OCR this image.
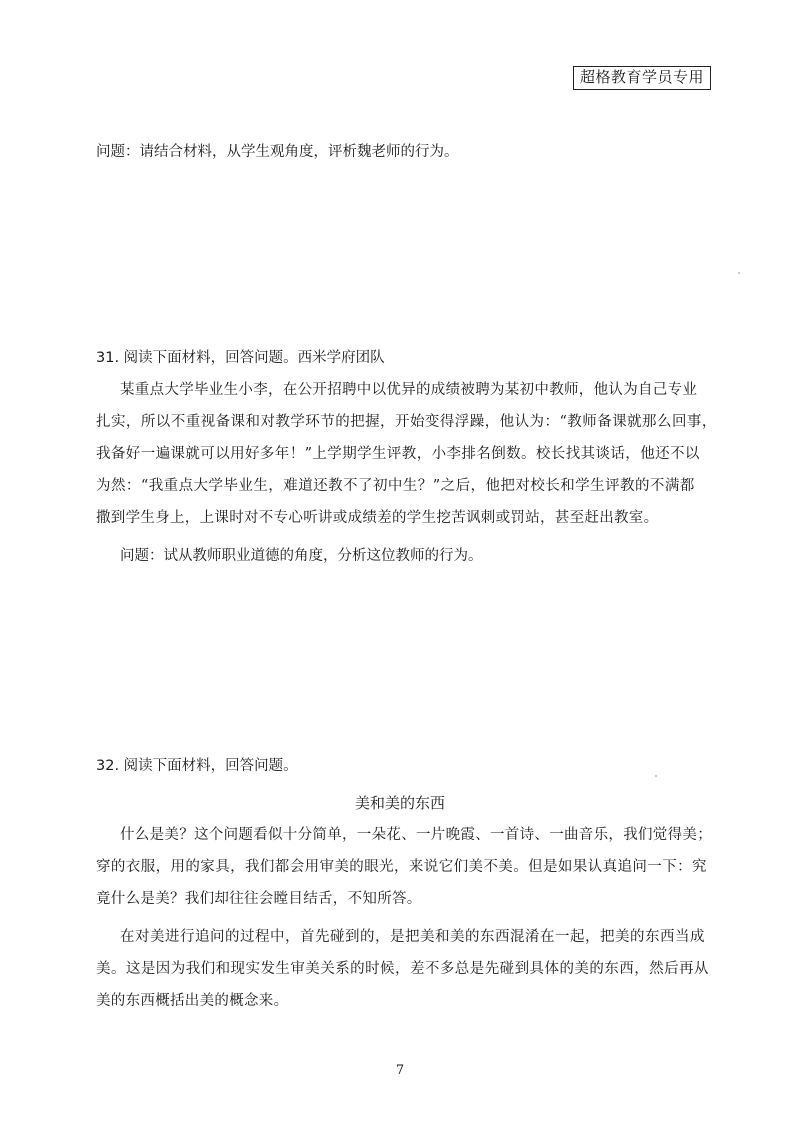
超格教育学员专用
问题：请结合材料，从学生观角度，评析魏老师的行为。
31. 阅读下面材料，回答问题。西米学府团队
某重点大学毕业生小李，在公开招聘中以优异的成绩被聘为某初中教师，他认为自己专业
扎实，所以不重视备课和对教学环节的把握，开始变得浮躁，他认为：“教师备课就那么回事，
我备好一遍课就可以用好多年！”上学期学生评教，小李排名倒数。校长找其谈话，他还不以
为然：“我重点大学毕业生，难道还教不了初中生？”之后，他把对校长和学生评教的不满都
撒到学生身上，上课时对不专心听讲或成绩差的学生挖苦讽刺或罚站，甚至赶出教室。
问题：试从教师职业道德的角度，分析这位教师的行为。
32. 阅读下面材料，回答问题。
美和美的东西
什么是美？这个问题看似十分简单，一朵花、一片晚霞、一首诗、一曲音乐，我们觉得美；
穿的衣服，用的家具，我们都会用审美的眼光，来说它们美不美。但是如果认真追问一下：究
竟什么是美？我们却往往会瞠目结舌，不知所答。
在对美进行追问的过程中，首先碰到的，是把美和美的东西混淆在一起，把美的东西当成
美。这是因为我们和现实发生审美关系的时候，差不多总是先碰到具体的美的东西，然后再从
美的东西概括出美的概念来。
7
